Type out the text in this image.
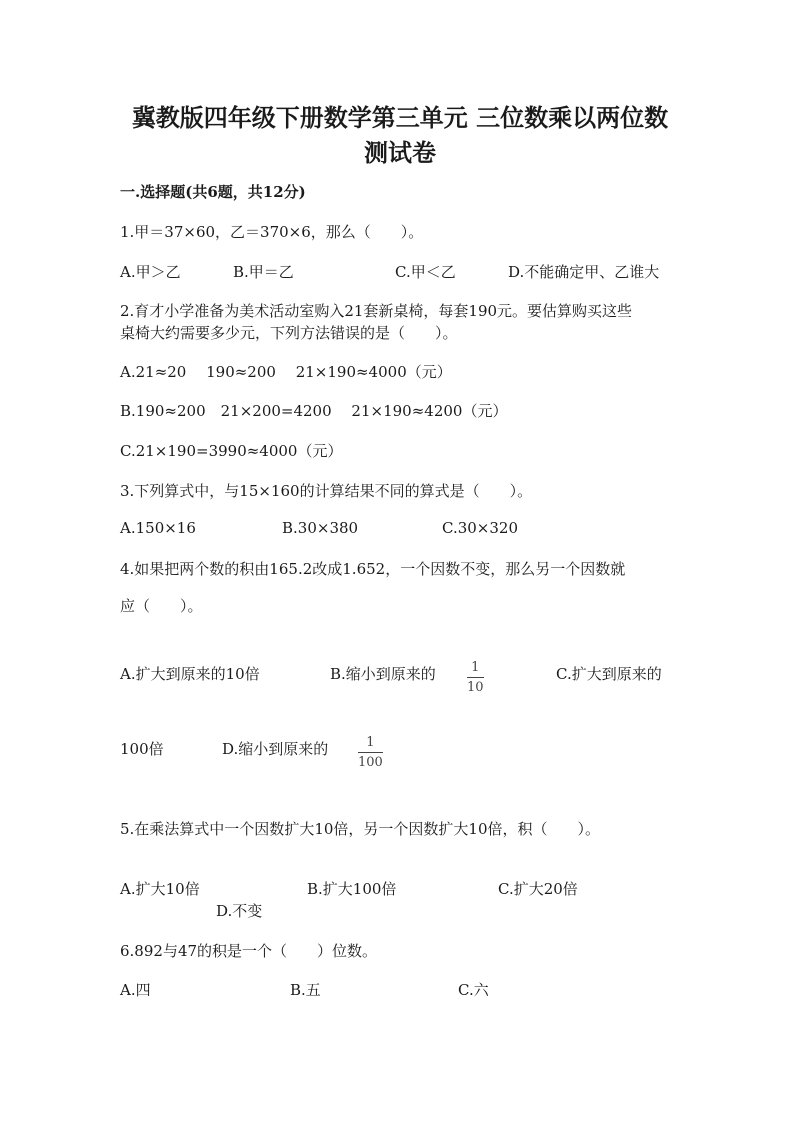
冀教版四年级下册数学第三单元 三位数乘以两位数
测试卷
一.选择题(共6题，共12分)
1.甲＝37×60，乙＝370×6，那么（　　）。
A.甲＞乙	B.甲＝乙	C.甲＜乙	D.不能确定甲、乙谁大
2.育才小学准备为美术活动室购入21套新桌椅，每套190元。要估算购买这些
桌椅大约需要多少元，下列方法错误的是（　　）。
A.21≈20　 190≈200　 21×190≈4000（元）
B.190≈200　21×200=4200　 21×190≈4200（元）
C.21×190=3990≈4000（元）
3.下列算式中，与15×160的计算结果不同的算式是（　　）。
A.150×16	B.30×380	C.30×320
4.如果把两个数的积由165.2改成1.652，一个因数不变，那么另一个因数就
应（　　）。
A.扩大到原来的10倍	B.缩小到原来的 $\frac{1}{10}$	C.扩大到原来的
100倍	D.缩小到原来的 $\frac{1}{100}$
5.在乘法算式中一个因数扩大10倍，另一个因数扩大10倍，积（　　）。
A.扩大10倍	B.扩大100倍	C.扩大20倍
D.不变
6.892与47的积是一个（　　）位数。
A.四	B.五	C.六
